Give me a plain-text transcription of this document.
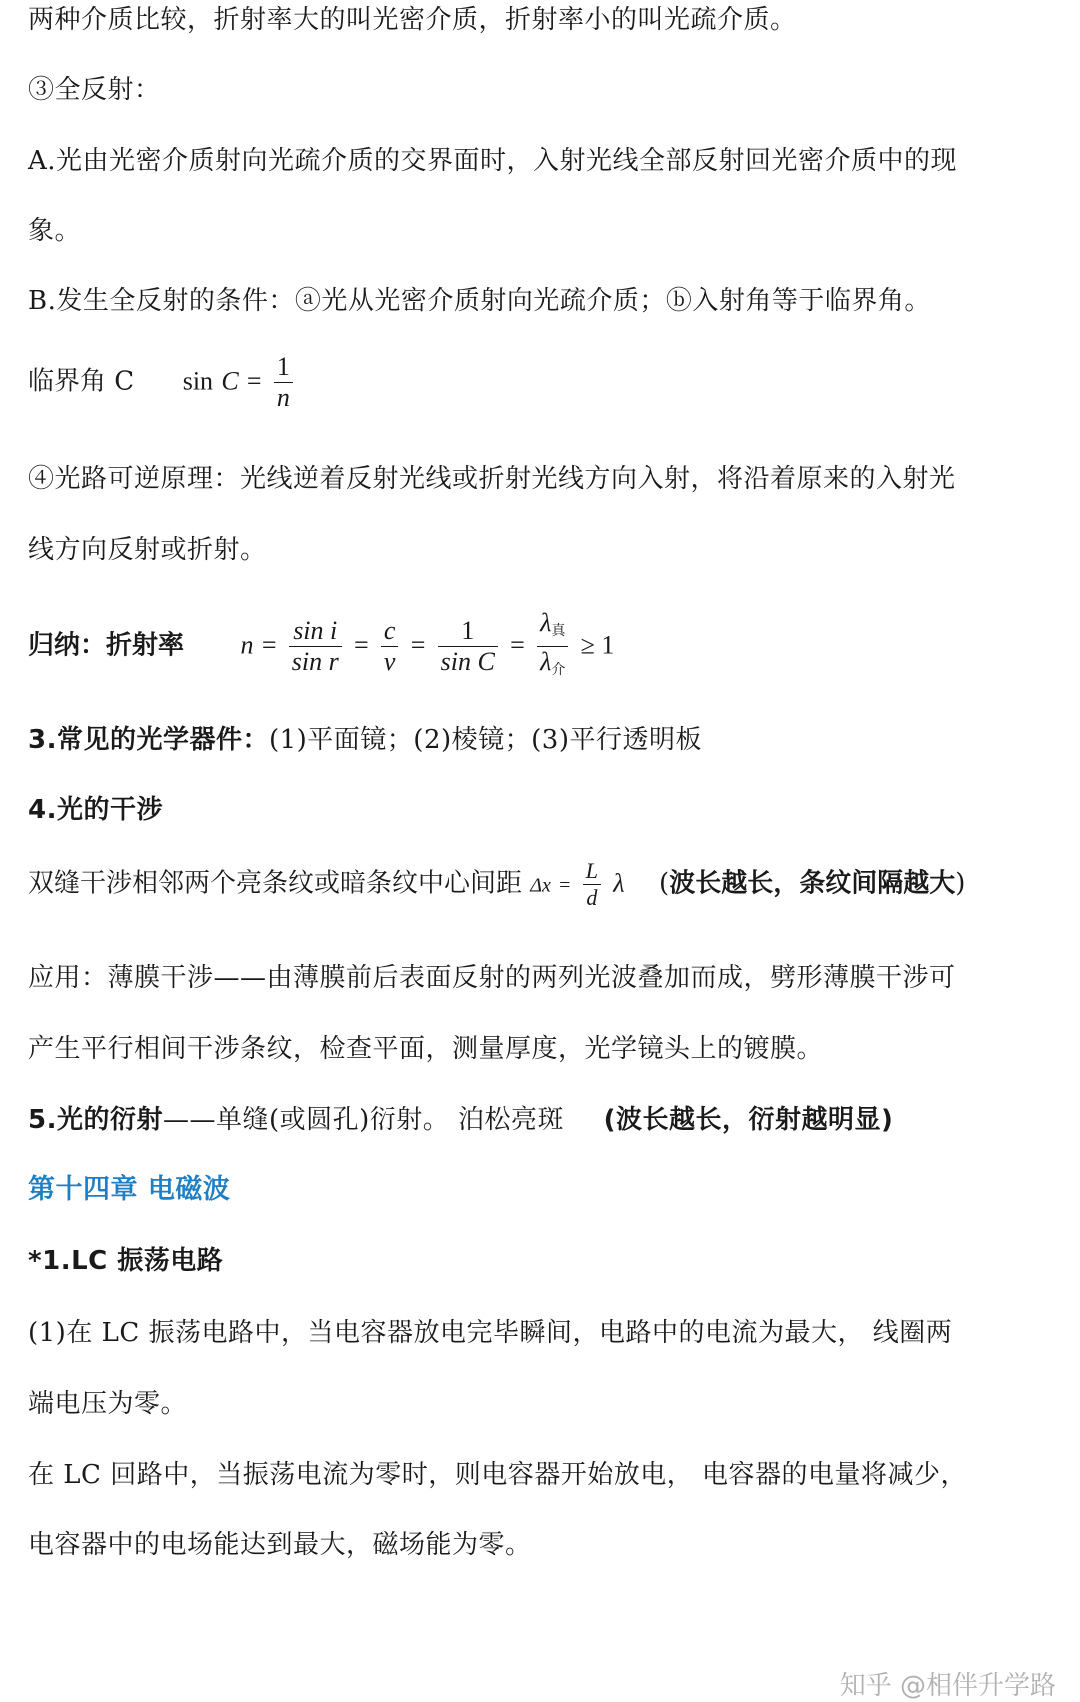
两种介质比较，折射率大的叫光密介质，折射率小的叫光疏介质。
③全反射：
A.光由光密介质射向光疏介质的交界面时，入射光线全部反射回光密介质中的现
象。
B.发生全反射的条件：ⓐ光从光密介质射向光疏介质；ⓑ入射角等于临界角。
临界角 C $\sin C = \frac{1}{n}$
④光路可逆原理：光线逆着反射光线或折射光线方向入射，将沿着原来的入射光
线方向反射或折射。
归纳：折射率 $n = \frac{\text{sin i}}{\text{sin r}} = \frac{c}{v} = \frac{1}{\text{sin C}} = \frac{\lambda_真}{\lambda_介} \ge 1$
3.常见的光学器件：(1)平面镜；(2)棱镜；(3)平行透明板
4.光的干涉
双缝干涉相邻两个亮条纹或暗条纹中心间距 $\Delta x = \frac{L}{d}$ λ (波长越长，条纹间隔越大)
应用：薄膜干涉——由薄膜前后表面反射的两列光波叠加而成，劈形薄膜干涉可
产生平行相间干涉条纹，检查平面，测量厚度，光学镜头上的镀膜。
5.光的衍射——单缝(或圆孔)衍射。 泊松亮斑 (波长越长，衍射越明显)
第十四章 电磁波
*1.LC 振荡电路
(1)在 LC 振荡电路中，当电容器放电完毕瞬间，电路中的电流为最大， 线圈两
端电压为零。
在 LC 回路中，当振荡电流为零时，则电容器开始放电， 电容器的电量将减少，
电容器中的电场能达到最大，磁场能为零。
知乎 @相伴升学路
